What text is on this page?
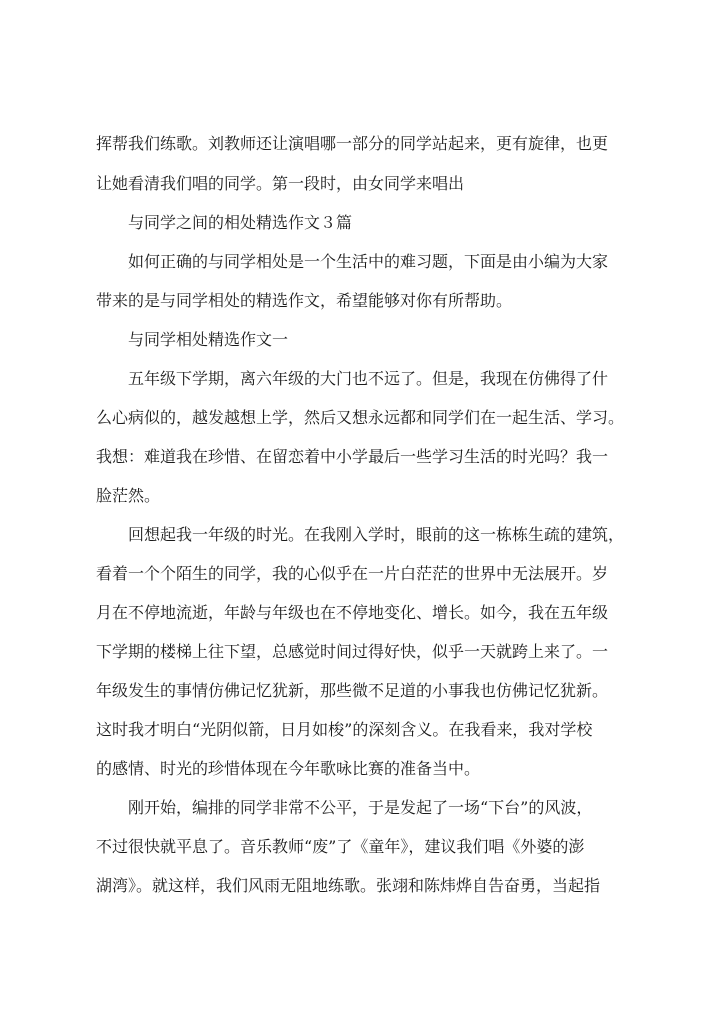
挥帮我们练歌。刘教师还让演唱哪一部分的同学站起来，更有旋律，也更
让她看清我们唱的同学。第一段时，由女同学来唱出
与同学之间的相处精选作文３篇
如何正确的与同学相处是一个生活中的难习题，下面是由小编为大家
带来的是与同学相处的精选作文，希望能够对你有所帮助。
与同学相处精选作文一
五年级下学期，离六年级的大门也不远了。但是，我现在仿佛得了什
么心病似的，越发越想上学，然后又想永远都和同学们在一起生活、学习。
我想：难道我在珍惜、在留恋着中小学最后一些学习生活的时光吗？我一
脸茫然。
回想起我一年级的时光。在我刚入学时，眼前的这一栋栋生疏的建筑，
看着一个个陌生的同学，我的心似乎在一片白茫茫的世界中无法展开。岁
月在不停地流逝，年龄与年级也在不停地变化、增长。如今，我在五年级
下学期的楼梯上往下望，总感觉时间过得好快，似乎一天就跨上来了。一
年级发生的事情仿佛记忆犹新，那些微不足道的小事我也仿佛记忆犹新。
这时我才明白“光阴似箭，日月如梭”的深刻含义。在我看来，我对学校
的感情、时光的珍惜体现在今年歌咏比赛的准备当中。
刚开始，编排的同学非常不公平，于是发起了一场“下台”的风波，
不过很快就平息了。音乐教师“废”了《童年》，建议我们唱《外婆的澎
湖湾》。就这样，我们风雨无阻地练歌。张翊和陈炜烨自告奋勇，当起指
